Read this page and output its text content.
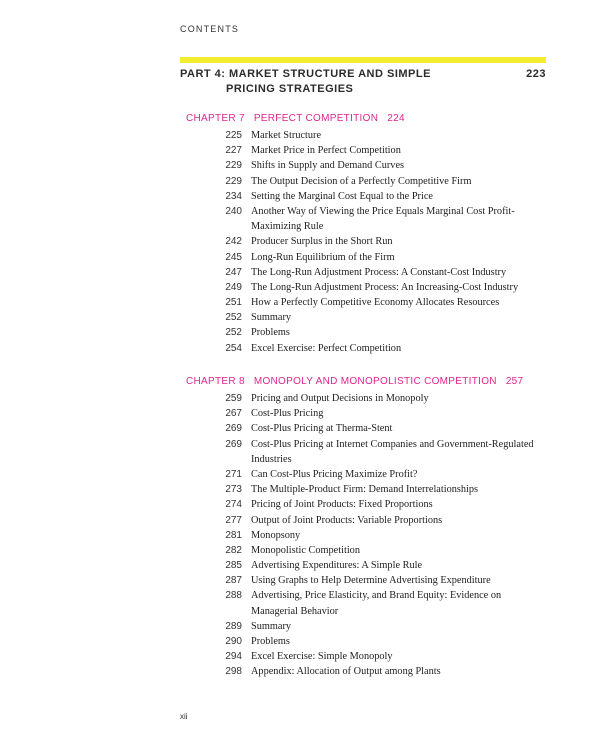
CONTENTS
PART 4: MARKET STRUCTURE AND SIMPLE
PRICING STRATEGIES
223
CHAPTER 7 PERFECT COMPETITION 224
225 Market Structure
227 Market Price in Perfect Competition
229 Shifts in Supply and Demand Curves
229 The Output Decision of a Perfectly Competitive Firm
234 Setting the Marginal Cost Equal to the Price
240 Another Way of Viewing the Price Equals Marginal Cost Profit-Maximizing Rule
242 Producer Surplus in the Short Run
245 Long-Run Equilibrium of the Firm
247 The Long-Run Adjustment Process: A Constant-Cost Industry
249 The Long-Run Adjustment Process: An Increasing-Cost Industry
251 How a Perfectly Competitive Economy Allocates Resources
252 Summary
252 Problems
254 Excel Exercise: Perfect Competition
CHAPTER 8 MONOPOLY AND MONOPOLISTIC COMPETITION 257
259 Pricing and Output Decisions in Monopoly
267 Cost-Plus Pricing
269 Cost-Plus Pricing at Therma-Stent
269 Cost-Plus Pricing at Internet Companies and Government-Regulated Industries
271 Can Cost-Plus Pricing Maximize Profit?
273 The Multiple-Product Firm: Demand Interrelationships
274 Pricing of Joint Products: Fixed Proportions
277 Output of Joint Products: Variable Proportions
281 Monopsony
282 Monopolistic Competition
285 Advertising Expenditures: A Simple Rule
287 Using Graphs to Help Determine Advertising Expenditure
288 Advertising, Price Elasticity, and Brand Equity: Evidence on Managerial Behavior
289 Summary
290 Problems
294 Excel Exercise: Simple Monopoly
298 Appendix: Allocation of Output among Plants
xii
